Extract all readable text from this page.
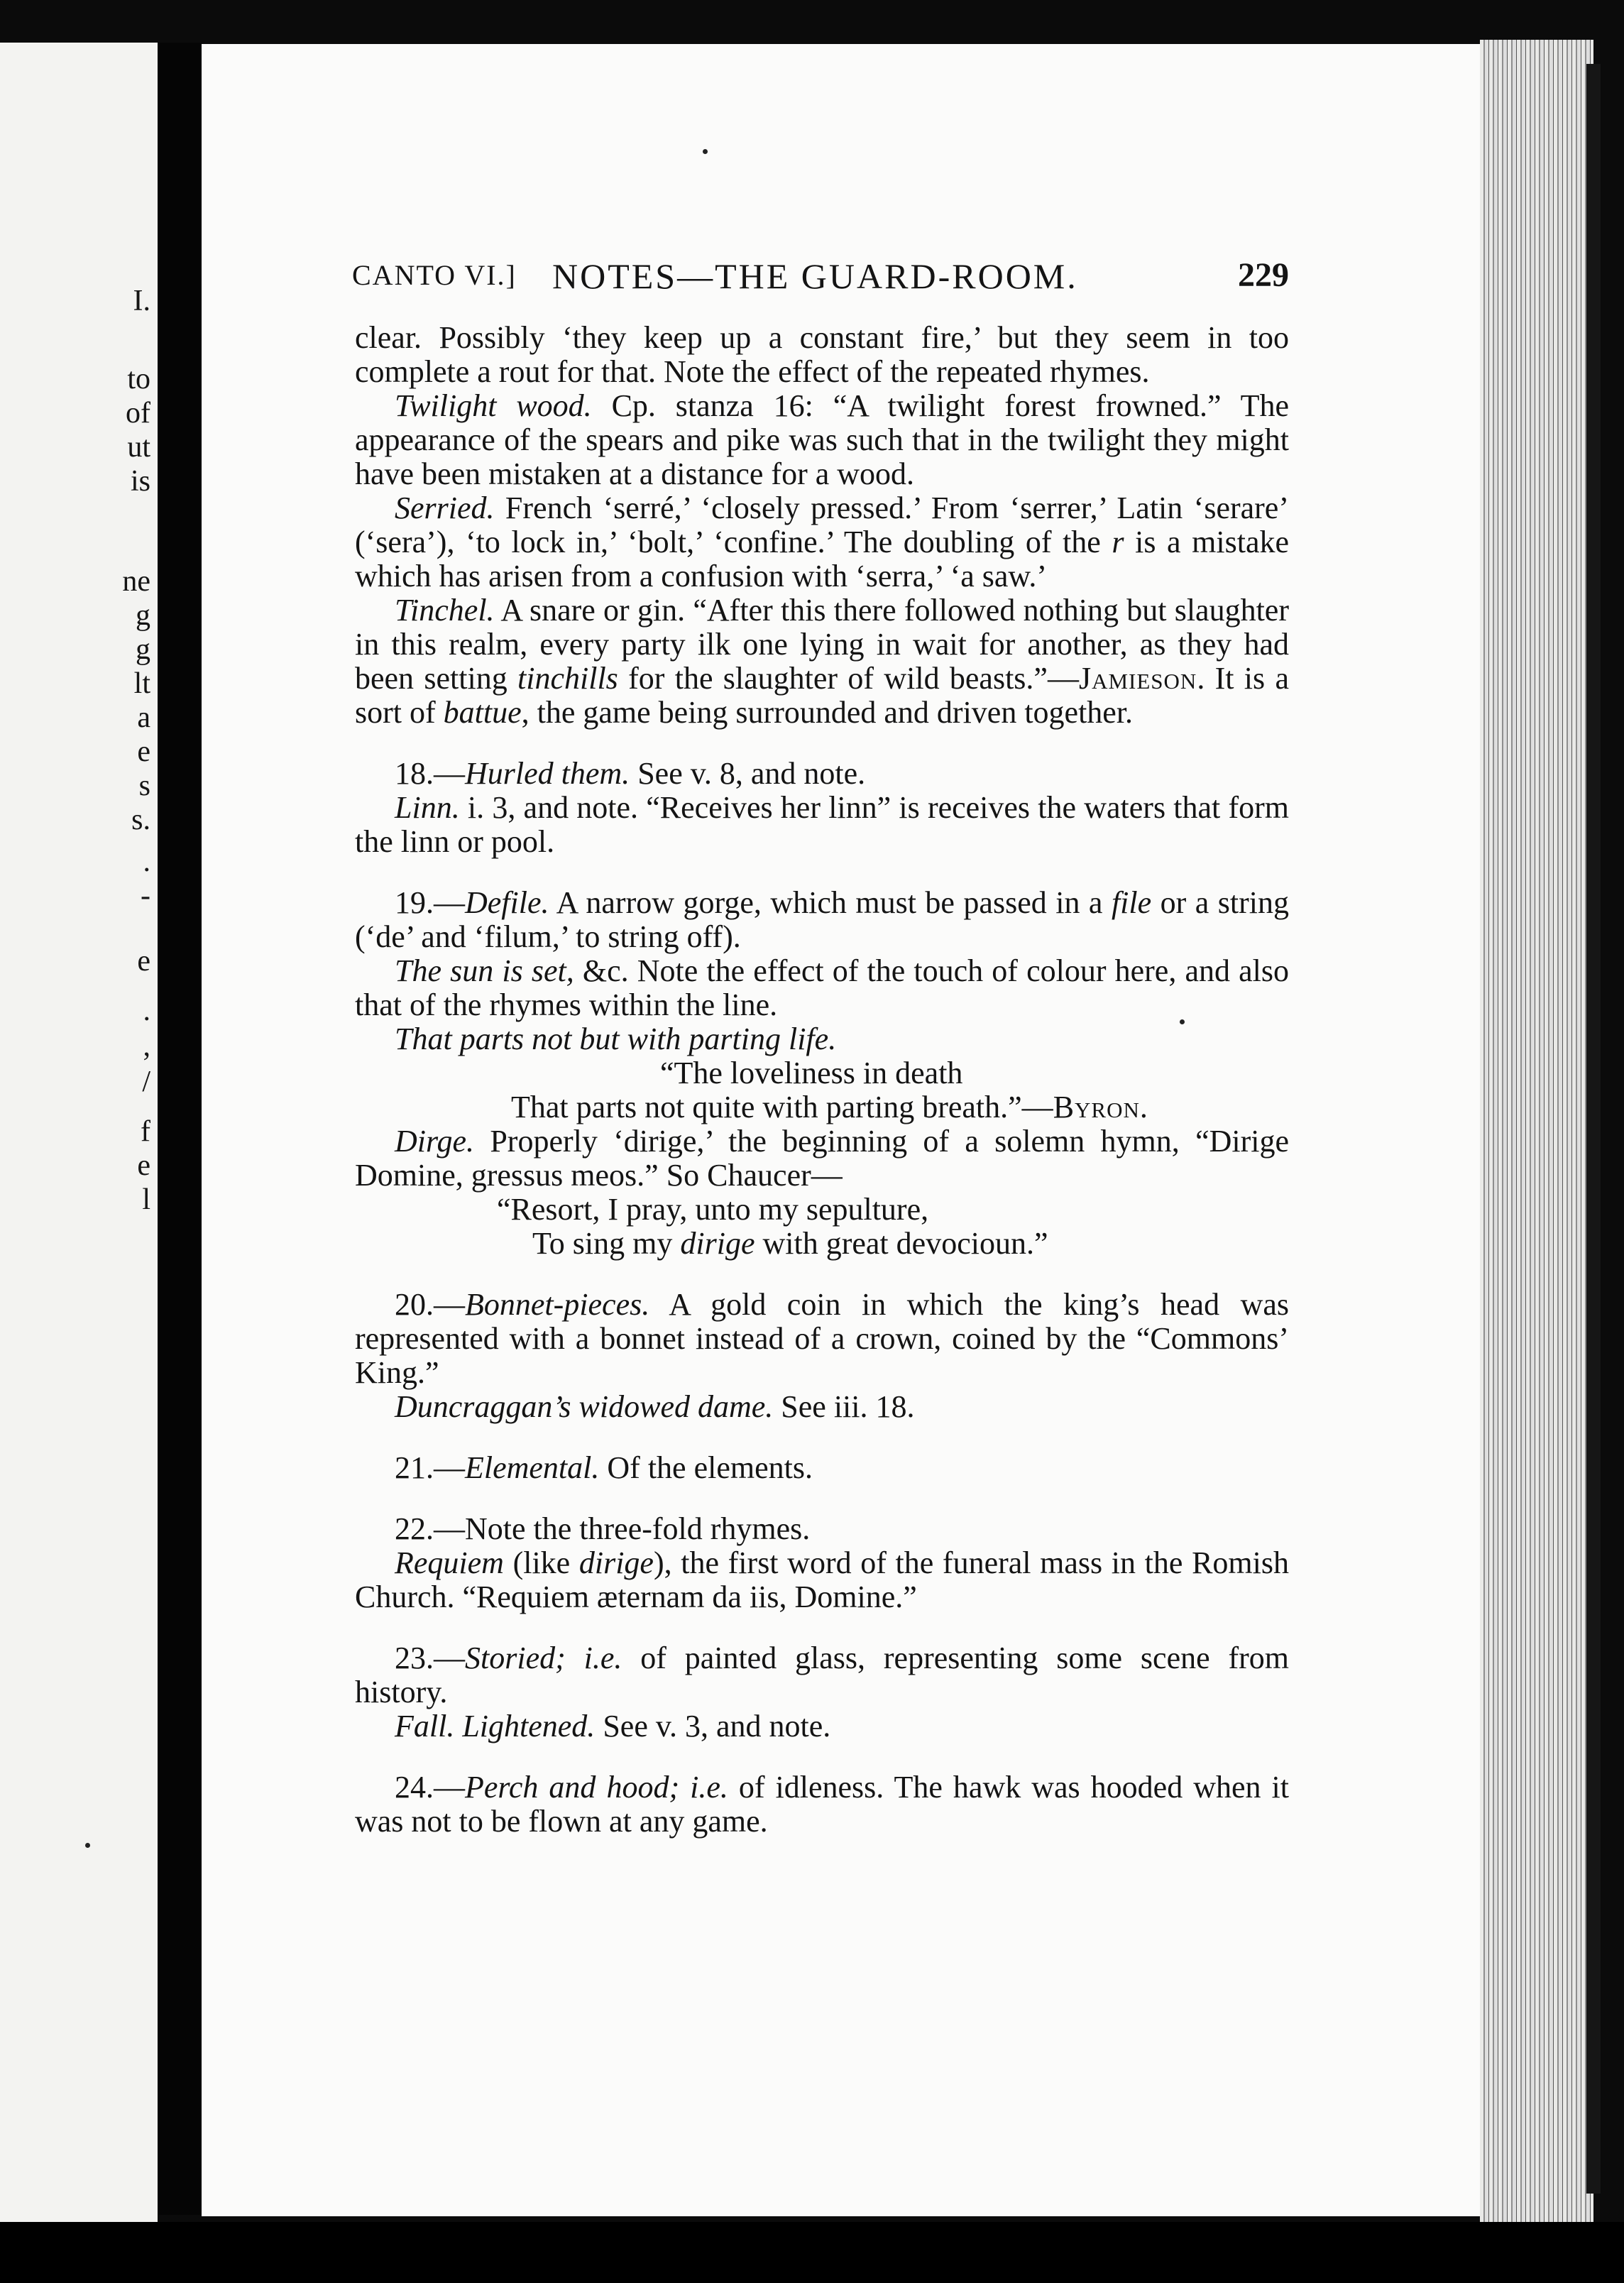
I.
to
of
ut
is
ne
g
g
lt
a
e
s
s.
.
-
e
.
,
/
f
e
l
CANTO VI.] NOTES—THE GUARD-ROOM.	229

clear. Possibly ‘they keep up a constant fire,’ but they seem in too complete a rout for that. Note the effect of the repeated rhymes.

Twilight wood. Cp. stanza 16: “A twilight forest frowned.” The appearance of the spears and pike was such that in the twilight they might have been mistaken at a distance for a wood.

Serried. French ‘serré,’ ‘closely pressed.’ From ‘serrer,’ Latin ‘serare’ (‘sera’), ‘to lock in,’ ‘bolt,’ ‘confine.’ The doubling of the r is a mistake which has arisen from a confusion with ‘serra,’ ‘a saw.’

Tinchel. A snare or gin. “After this there followed nothing but slaughter in this realm, every party ilk one lying in wait for another, as they had been setting tinchills for the slaughter of wild beasts.”—Jamieson. It is a sort of battue, the game being surrounded and driven together.

18.—Hurled them. See v. 8, and note.

Linn. i. 3, and note. “Receives her linn” is receives the waters that form the linn or pool.

19.—Defile. A narrow gorge, which must be passed in a file or a string (‘de’ and ‘filum,’ to string off).

The sun is set, &c. Note the effect of the touch of colour here, and also that of the rhymes within the line.

That parts not but with parting life.

“The loveliness in death

That parts not quite with parting breath.”—Byron.

Dirge. Properly ‘dirige,’ the beginning of a solemn hymn, “Dirige Domine, gressus meos.” So Chaucer—

“Resort, I pray, unto my sepulture,

To sing my dirige with great devocioun.”

20.—Bonnet-pieces. A gold coin in which the king’s head was represented with a bonnet instead of a crown, coined by the “Commons’ King.”

Duncraggan’s widowed dame. See iii. 18.

21.—Elemental. Of the elements.

22.—Note the three-fold rhymes.

Requiem (like dirige), the first word of the funeral mass in the Romish Church. “Requiem æternam da iis, Domine.”

23.—Storied; i.e. of painted glass, representing some scene from history.

Fall. Lightened. See v. 3, and note.

24.—Perch and hood; i.e. of idleness. The hawk was hooded when it was not to be flown at any game.
